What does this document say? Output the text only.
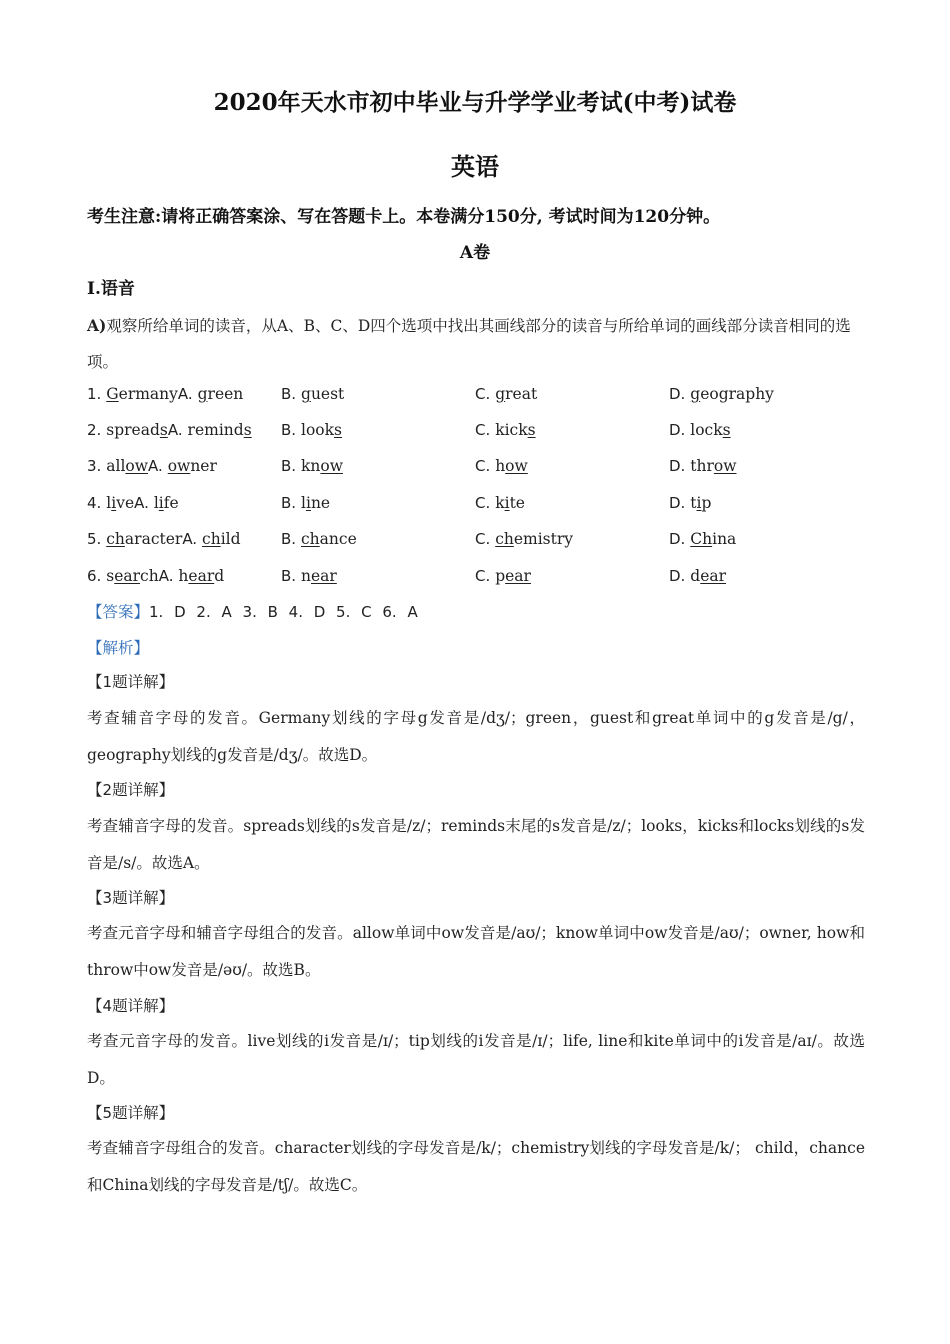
2020年天水市初中毕业与升学学业考试(中考)试卷
英语
考生注意:请将正确答案涂、写在答题卡上。本卷满分150分, 考试时间为120分钟。
A卷
I.语音
A)观察所给单词的读音，从A、B、C、D四个选项中找出其画线部分的读音与所给单词的画线部分读音相同的选项。
1. GermanyA. green	B. guest	C. great	D. geography
2. spreadsA. reminds B. looks	C. kicks	D. locks
3. allowA. owner	B. know	C. how	D. throw
4. liveA. life	B. line	C. kite	D. tip
5. characterA. child	B. chance	C. chemistry	D. China
6. searchA. heard	B. near	C. pear	D. dear
【答案】1. D 2. A 3. B 4. D 5. C 6. A
【解析】
【1题详解】
考查辅音字母的发音。Germany划线的字母g发音是/dʒ/；green，guest和great单词中的g发音是/g/，geography划线的g发音是/dʒ/。故选D。
【2题详解】
考查辅音字母的发音。spreads划线的s发音是/z/；reminds末尾的s发音是/z/；looks，kicks和locks划线的s发音是/s/。故选A。
【3题详解】
考查元音字母和辅音字母组合的发音。allow单词中ow发音是/aʊ/；know单词中ow发音是/aʊ/；owner, how和throw中ow发音是/əʊ/。故选B。
【4题详解】
考查元音字母的发音。live划线的i发音是/ɪ/；tip划线的i发音是/ɪ/；life, line和kite单词中的i发音是/aɪ/。故选D。
【5题详解】
考查辅音字母组合的发音。character划线的字母发音是/k/；chemistry划线的字母发音是/k/； child，chance和China划线的字母发音是/tʃ/。故选C。
